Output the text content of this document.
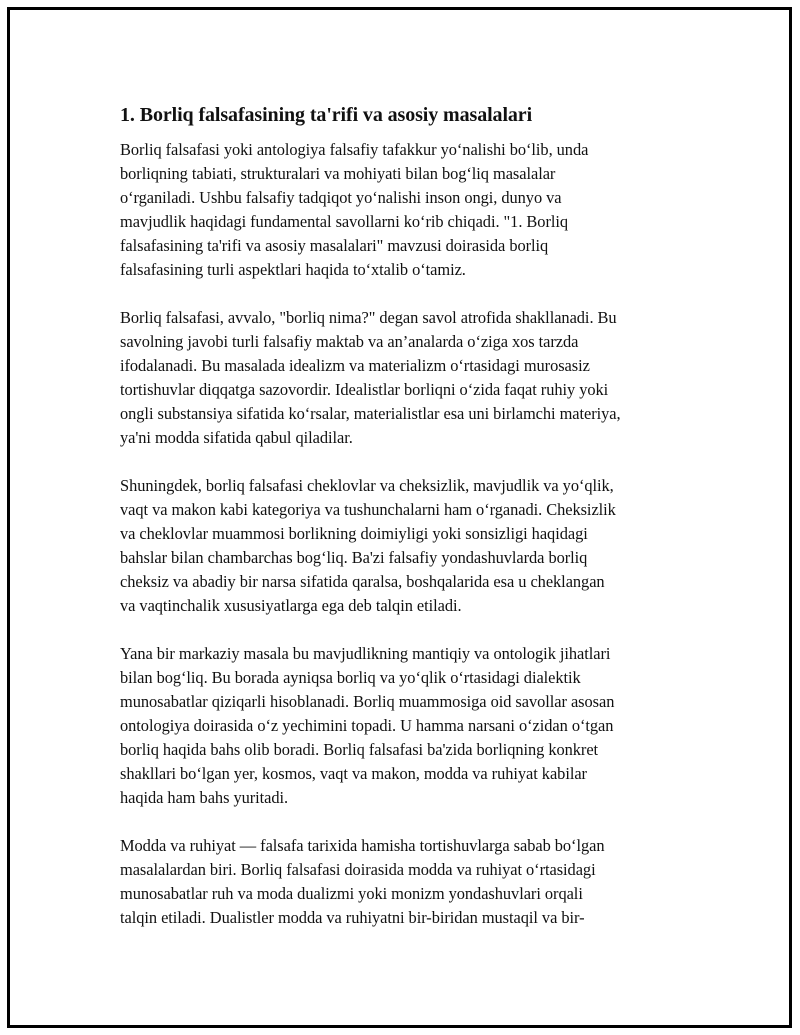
1. Borliq falsafasining ta'rifi va asosiy masalalari

Borliq falsafasi yoki antologiya falsafiy tafakkur yo‘nalishi bo‘lib, unda
borliqning tabiati, strukturalari va mohiyati bilan bog‘liq masalalar
o‘rganiladi. Ushbu falsafiy tadqiqot yo‘nalishi inson ongi, dunyo va
mavjudlik haqidagi fundamental savollarni ko‘rib chiqadi. "1. Borliq
falsafasining ta'rifi va asosiy masalalari" mavzusi doirasida borliq
falsafasining turli aspektlari haqida to‘xtalib o‘tamiz.

Borliq falsafasi, avvalo, "borliq nima?" degan savol atrofida shakllanadi. Bu
savolning javobi turli falsafiy maktab va an’analarda o‘ziga xos tarzda
ifodalanadi. Bu masalada idealizm va materializm o‘rtasidagi murosasiz
tortishuvlar diqqatga sazovordir. Idealistlar borliqni o‘zida faqat ruhiy yoki
ongli substansiya sifatida ko‘rsalar, materialistlar esa uni birlamchi materiya,
ya'ni modda sifatida qabul qiladilar.

Shuningdek, borliq falsafasi cheklovlar va cheksizlik, mavjudlik va yo‘qlik,
vaqt va makon kabi kategoriya va tushunchalarni ham o‘rganadi. Cheksizlik
va cheklovlar muammosi borlikning doimiyligi yoki sonsizligi haqidagi
bahslar bilan chambarchas bog‘liq. Ba'zi falsafiy yondashuvlarda borliq
cheksiz va abadiy bir narsa sifatida qaralsa, boshqalarida esa u cheklangan
va vaqtinchalik xususiyatlarga ega deb talqin etiladi.

Yana bir markaziy masala bu mavjudlikning mantiqiy va ontologik jihatlari
bilan bog‘liq. Bu borada ayniqsa borliq va yo‘qlik o‘rtasidagi dialektik
munosabatlar qiziqarli hisoblanadi. Borliq muammosiga oid savollar asosan
ontologiya doirasida o‘z yechimini topadi. U hamma narsani o‘zidan o‘tgan
borliq haqida bahs olib boradi. Borliq falsafasi ba'zida borliqning konkret
shakllari bo‘lgan yer, kosmos, vaqt va makon, modda va ruhiyat kabilar
haqida ham bahs yuritadi.

Modda va ruhiyat — falsafa tarixida hamisha tortishuvlarga sabab bo‘lgan
masalalardan biri. Borliq falsafasi doirasida modda va ruhiyat o‘rtasidagi
munosabatlar ruh va moda dualizmi yoki monizm yondashuvlari orqali
talqin etiladi. Dualistler modda va ruhiyatni bir-biridan mustaqil va bir-
